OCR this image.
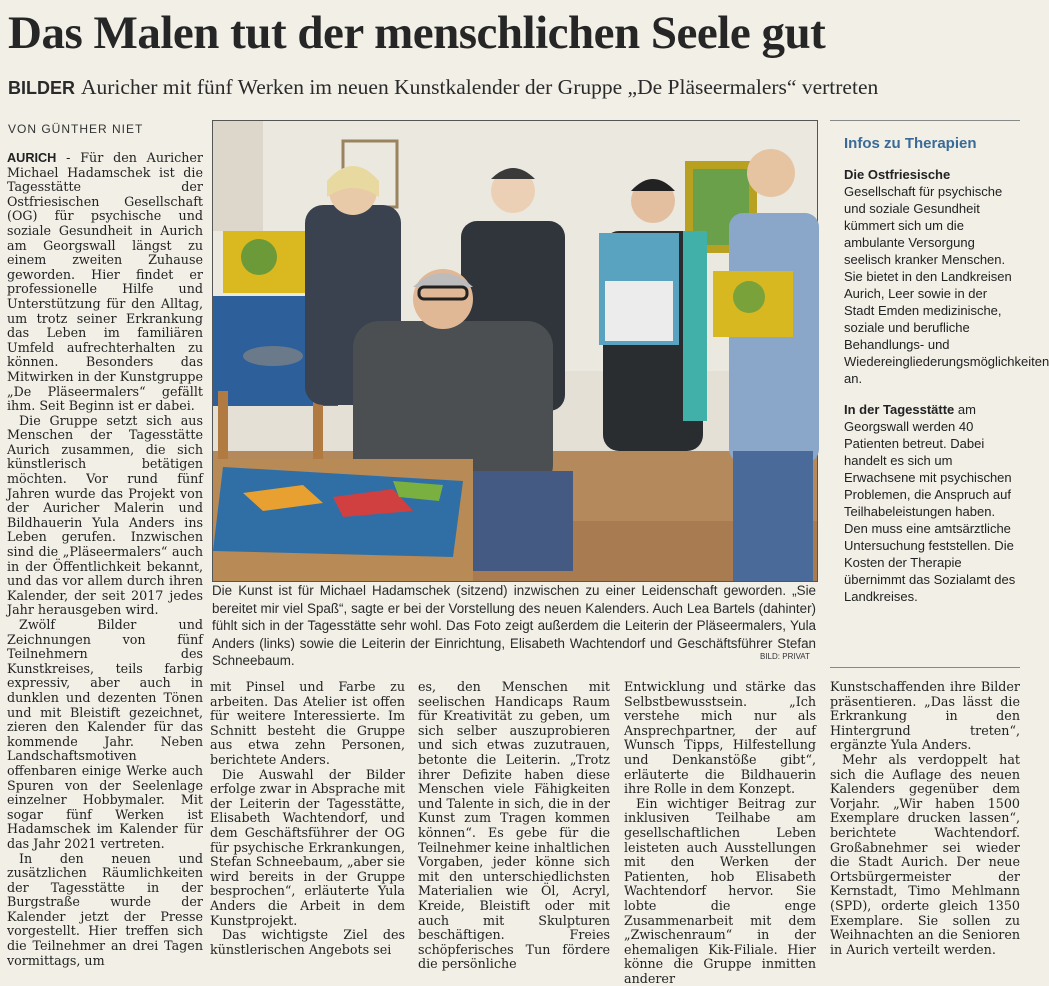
Das Malen tut der menschlichen Seele gut
BILDER Auricher mit fünf Werken im neuen Kunstkalender der Gruppe „De Pläseermalers“ vertreten
VON GÜNTHER NIET

AURICH - Für den Auricher Michael Hadamschek ist die Tagesstätte der Ostfriesischen Gesellschaft (OG) für psychische und soziale Gesundheit in Aurich am Georgswall längst zu einem zweiten Zuhause geworden. Hier findet er professionelle Hilfe und Unterstützung für den Alltag, um trotz seiner Erkrankung das Leben im familiären Umfeld aufrechterhalten zu können. Besonders das Mitwirken in der Kunstgruppe „De Pläseermalers“ gefällt ihm. Seit Beginn ist er dabei.

Die Gruppe setzt sich aus Menschen der Tagesstätte Aurich zusammen, die sich künstlerisch betätigen möchten. Vor rund fünf Jahren wurde das Projekt von der Auricher Malerin und Bildhauerin Yula Anders ins Leben gerufen. Inzwischen sind die „Pläseermalers“ auch in der Öffentlichkeit bekannt, und das vor allem durch ihren Kalender, der seit 2017 jedes Jahr herausgeben wird.

Zwölf Bilder und Zeichnungen von fünf Teilnehmern des Kunstkreises, teils farbig expressiv, aber auch in dunklen und dezenten Tönen und mit Bleistift gezeichnet, zieren den Kalender für das kommende Jahr. Neben Landschaftsmotiven offenbaren einige Werke auch Spuren von der Seelenlage einzelner Hobbymaler. Mit sogar fünf Werken ist Hadamschek im Kalender für das Jahr 2021 vertreten.

In den neuen und zusätzlichen Räumlichkeiten der Tagesstätte in der Burgstraße wurde der Kalender jetzt der Presse vorgestellt. Hier treffen sich die Teilnehmer an drei Tagen vormittags, um

Die Kunst ist für Michael Hadamschek (sitzend) inzwischen zu einer Leidenschaft geworden. „Sie bereitet mir viel Spaß“, sagte er bei der Vorstellung des neuen Kalenders. Auch Lea Bartels (dahinter) fühlt sich in der Tagesstätte sehr wohl. Das Foto zeigt außerdem die Leiterin der Pläseermalers, Yula Anders (links) sowie die Leiterin der Einrichtung, Elisabeth Wachtendorf und Geschäftsführer Stefan Schneebaum.	BILD: PRIVAT
Infos zu Therapien

Die Ostfriesische Gesellschaft für psychische und soziale Gesundheit kümmert sich um die ambulante Versorgung seelisch kranker Menschen. Sie bietet in den Landkreisen Aurich, Leer sowie in der Stadt Emden medizinische, soziale und berufliche Behandlungs- und Wiedereingliederungsmöglichkeiten an.

In der Tagesstätte am Georgswall werden 40 Patienten betreut. Dabei handelt es sich um Erwachsene mit psychischen Problemen, die Anspruch auf Teilhabeleistungen haben. Den muss eine amtsärztliche Untersuchung feststellen. Die Kosten der Therapie übernimmt das Sozialamt des Landkreises.

mit Pinsel und Farbe zu arbeiten. Das Atelier ist offen für weitere Interessierte. Im Schnitt besteht die Gruppe aus etwa zehn Personen, berichtete Anders.

Die Auswahl der Bilder erfolge zwar in Absprache mit der Leiterin der Tagesstätte, Elisabeth Wachtendorf, und dem Geschäftsführer der OG für psychische Erkrankungen, Stefan Schneebaum, „aber sie wird bereits in der Gruppe besprochen“, erläuterte Yula Anders die Arbeit in dem Kunstprojekt.

Das wichtigste Ziel des künstlerischen Angebots sei

es, den Menschen mit seelischen Handicaps Raum für Kreativität zu geben, um sich selber auszuprobieren und sich etwas zuzutrauen, betonte die Leiterin. „Trotz ihrer Defizite haben diese Menschen viele Fähigkeiten und Talente in sich, die in der Kunst zum Tragen kommen können“. Es gebe für die Teilnehmer keine inhaltlichen Vorgaben, jeder könne sich mit den unterschiedlichsten Materialien wie Öl, Acryl, Kreide, Bleistift oder mit auch mit Skulpturen beschäftigen. Freies schöpferisches Tun fördere die persönliche

Entwicklung und stärke das Selbstbewusstsein. „Ich verstehe mich nur als Ansprechpartner, der auf Wunsch Tipps, Hilfestellung und Denkanstöße gibt“, erläuterte die Bildhauerin ihre Rolle in dem Konzept.

Ein wichtiger Beitrag zur inklusiven Teilhabe am gesellschaftlichen Leben leisteten auch Ausstellungen mit den Werken der Patienten, hob Elisabeth Wachtendorf hervor. Sie lobte die enge Zusammenarbeit mit dem „Zwischenraum“ in der ehemaligen Kik-Filiale. Hier könne die Gruppe inmitten anderer

Kunstschaffenden ihre Bilder präsentieren. „Das lässt die Erkrankung in den Hintergrund treten“, ergänzte Yula Anders.

Mehr als verdoppelt hat sich die Auflage des neuen Kalenders gegenüber dem Vorjahr. „Wir haben 1500 Exemplare drucken lassen“, berichtete Wachtendorf. Großabnehmer sei wieder die Stadt Aurich. Der neue Ortsbürgermeister der Kernstadt, Timo Mehlmann (SPD), orderte gleich 1350 Exemplare. Sie sollen zu Weihnachten an die Senioren in Aurich verteilt werden.
